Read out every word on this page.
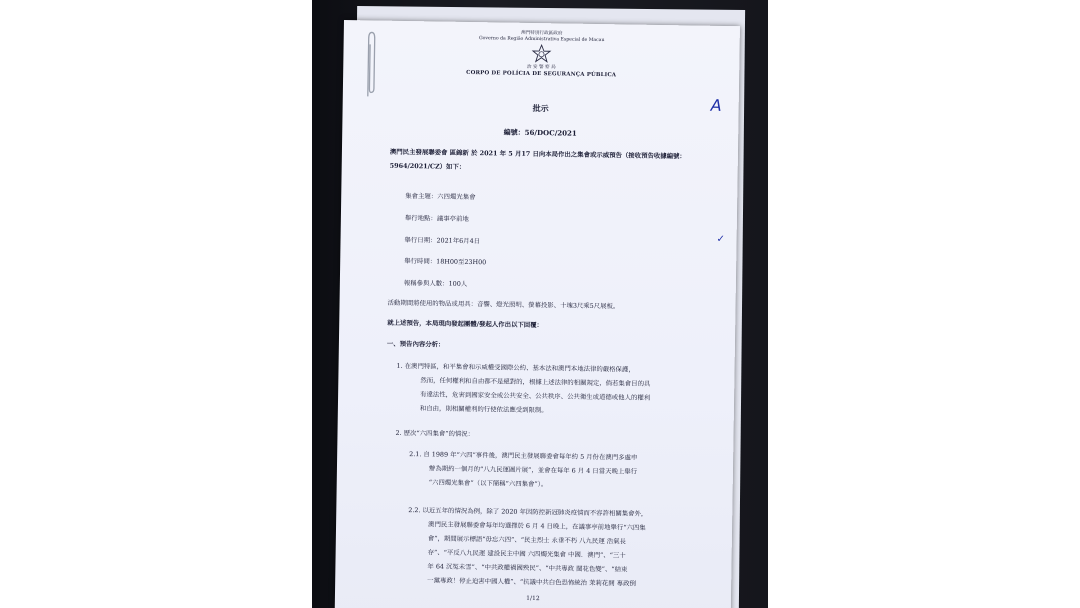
澳門特別行政區政府
Governo da Região Administrativa Especial de Macau
治 安 警 察 局
CORPO DE POLÍCIA DE SEGURANÇA PÚBLICA
批示
編號：56/DOC/2021
澳門民主發展聯委會 區錦新 於 2021 年 5 月17 日向本局作出之集會或示威預告（接收預告收據編號：5964/2021/CZ）如下：
集會主題：六四燭光集會
舉行地點：議事亭前地
舉行日期：2021年6月4日
舉行時間：18H00至23H00
報稱參與人數：100人
活動期間將使用的物品或用具：音響、燈光照明、螢幕投影、十塊3尺乘5尺展板。
就上述預告，本局現向發起團體/發起人作出以下回覆：
一、預告內容分析：
1. 在澳門特區，和平集會和示威權受國際公約、基本法和澳門本地法律的嚴格保護，
然而，任何權利和自由都不是絕對的，根據上述法律的相關規定，倘若集會目的具
有違法性，危害到國家安全或公共安全、公共秩序、公共衛生或道德或他人的權利
和自由，則相關權利的行使依法應受到限制。
2. 歷次“六四集會”的情況：
2.1. 自 1989 年“六四”事件後，澳門民主發展聯委會每年約 5 月份在澳門多處申
辦為期約一個月的“八九民運圖片展”，並會在每年 6 月 4 日當天晚上舉行
“六四燭光集會”（以下簡稱“六四集會”）。
2.2. 以近五年的情況為例，除了 2020 年因防控新冠肺炎疫情而不容許相關集會外，
澳門民主發展聯委會每年均選擇於 6 月 4 日晚上，在議事亭前地舉行“六四集
會”，期間展示標語“毋忘六四”、“民主烈士 永垂不朽 八九民運 浩氣長
存”、“平反八九民運 建設民主中國 六四燭光集會 中國．澳門”、“三十
年 64 沉冤未雪”、“中共政權禍國殃民”、“中共專政 闊花色變”、“結束
一黨專政！停止迫害中國人權”、“抗議中共白色恐怖統治 茉莉花開 專政倒
1/12
A
✓
